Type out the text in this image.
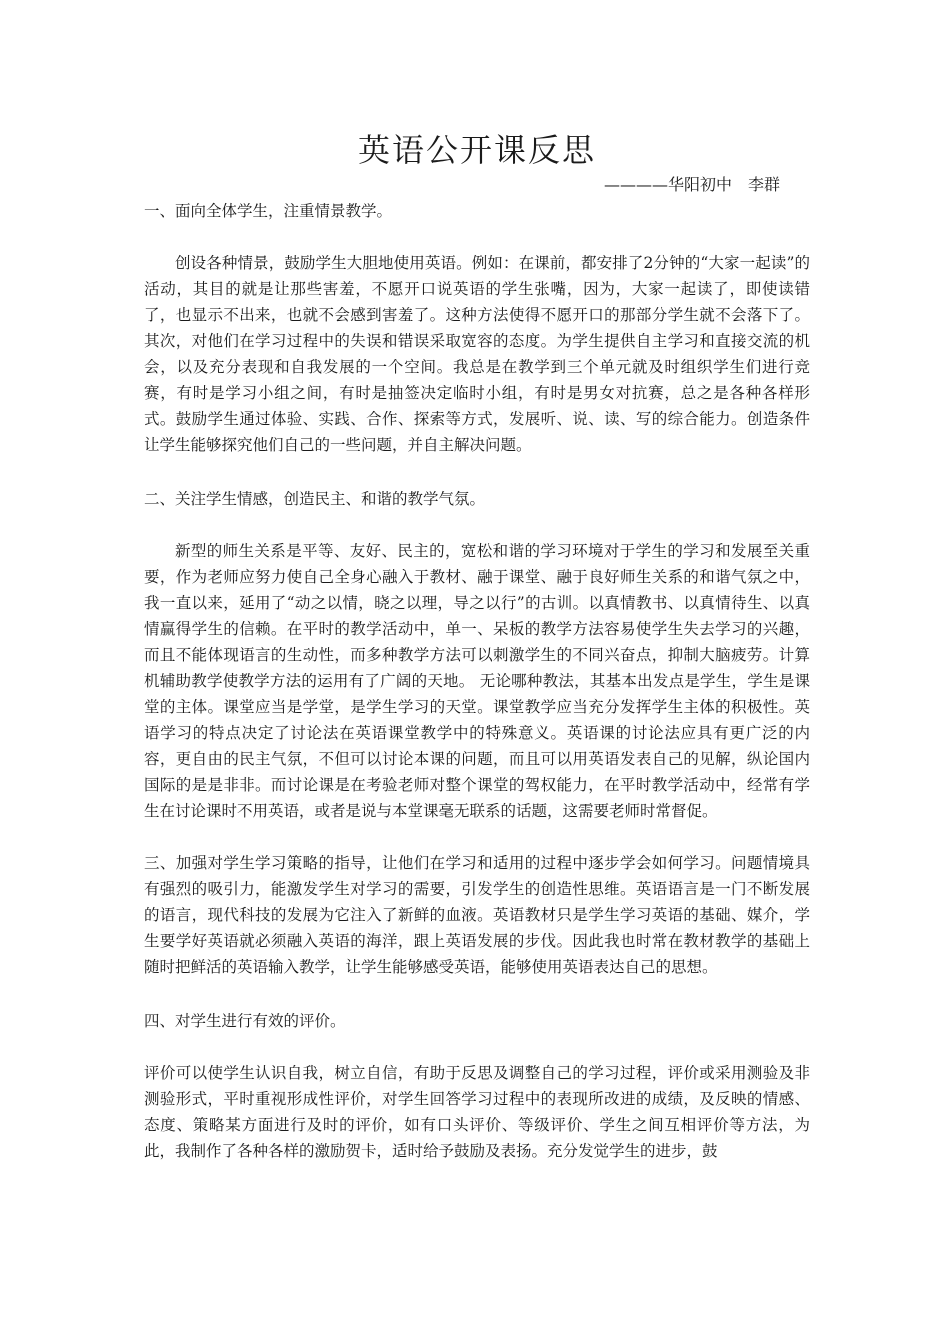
英语公开课反思
————华阳初中　李群

一、面向全体学生，注重情景教学。

创设各种情景，鼓励学生大胆地使用英语。例如：在课前，都安排了2分钟的“大家一起读”的活动，其目的就是让那些害羞，不愿开口说英语的学生张嘴，因为，大家一起读了，即使读错了，也显示不出来，也就不会感到害羞了。这种方法使得不愿开口的那部分学生就不会落下了。其次，对他们在学习过程中的失误和错误采取宽容的态度。为学生提供自主学习和直接交流的机会，以及充分表现和自我发展的一个空间。我总是在教学到三个单元就及时组织学生们进行竞赛，有时是学习小组之间，有时是抽签决定临时小组，有时是男女对抗赛，总之是各种各样形式。鼓励学生通过体验、实践、合作、探索等方式，发展听、说、读、写的综合能力。创造条件让学生能够探究他们自己的一些问题，并自主解决问题。

二、关注学生情感，创造民主、和谐的教学气氛。

新型的师生关系是平等、友好、民主的，宽松和谐的学习环境对于学生的学习和发展至关重要，作为老师应努力使自己全身心融入于教材、融于课堂、融于良好师生关系的和谐气氛之中，我一直以来，延用了“动之以情，晓之以理，导之以行”的古训。以真情教书、以真情待生、以真情赢得学生的信赖。在平时的教学活动中，单一、呆板的教学方法容易使学生失去学习的兴趣，而且不能体现语言的生动性，而多种教学方法可以刺激学生的不同兴奋点，抑制大脑疲劳。计算机辅助教学使教学方法的运用有了广阔的天地。 无论哪种教法，其基本出发点是学生，学生是课堂的主体。课堂应当是学堂，是学生学习的天堂。课堂教学应当充分发挥学生主体的积极性。英语学习的特点决定了讨论法在英语课堂教学中的特殊意义。英语课的讨论法应具有更广泛的内容，更自由的民主气氛，不但可以讨论本课的问题，而且可以用英语发表自己的见解，纵论国内国际的是是非非。而讨论课是在考验老师对整个课堂的驾权能力，在平时教学活动中，经常有学生在讨论课时不用英语，或者是说与本堂课毫无联系的话题，这需要老师时常督促。

三、加强对学生学习策略的指导，让他们在学习和适用的过程中逐步学会如何学习。问题情境具有强烈的吸引力，能激发学生对学习的需要，引发学生的创造性思维。英语语言是一门不断发展的语言，现代科技的发展为它注入了新鲜的血液。英语教材只是学生学习英语的基础、媒介，学生要学好英语就必须融入英语的海洋，跟上英语发展的步伐。因此我也时常在教材教学的基础上随时把鲜活的英语输入教学，让学生能够感受英语，能够使用英语表达自己的思想。

四、对学生进行有效的评价。

评价可以使学生认识自我，树立自信，有助于反思及调整自己的学习过程，评价或采用测验及非测验形式，平时重视形成性评价，对学生回答学习过程中的表现所改进的成绩，及反映的情感、态度、策略某方面进行及时的评价，如有口头评价、等级评价、学生之间互相评价等方法，为此，我制作了各种各样的激励贺卡，适时给予鼓励及表扬。充分发觉学生的进步，鼓
